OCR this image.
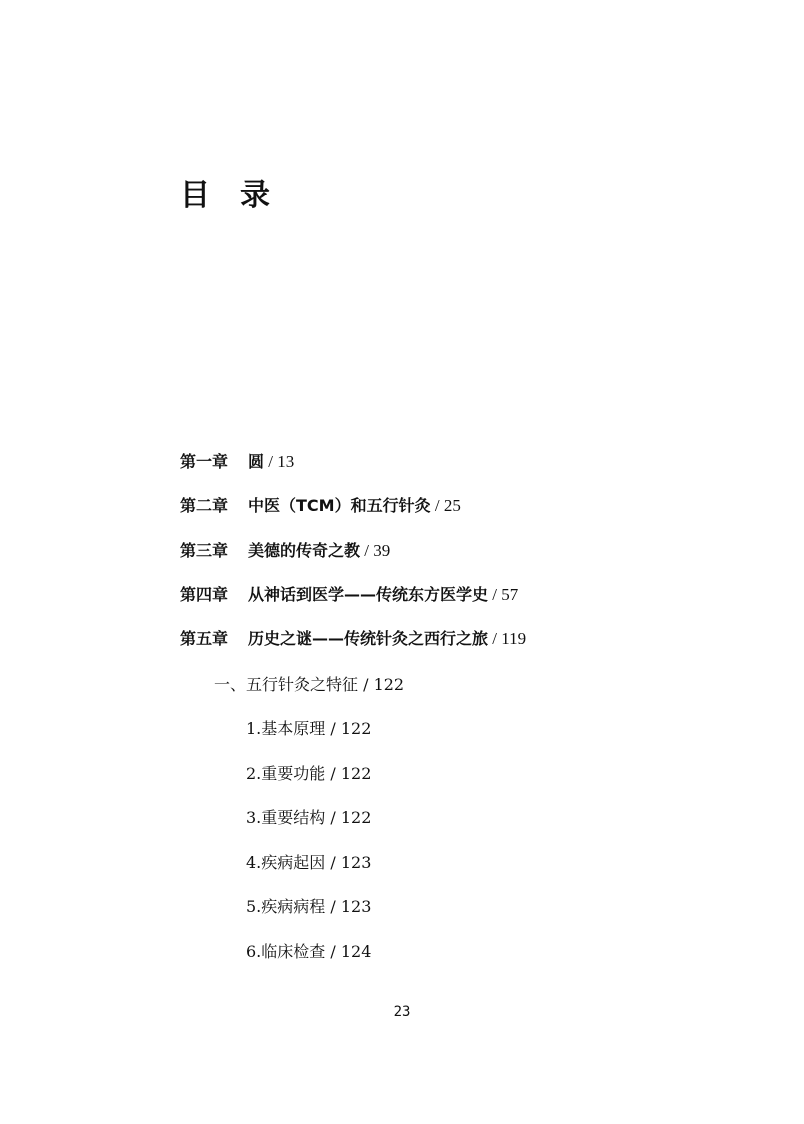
目录
第一章 圆 / 13
第二章 中医（TCM）和五行针灸 / 25
第三章 美德的传奇之教 / 39
第四章 从神话到医学——传统东方医学史 / 57
第五章 历史之谜——传统针灸之西行之旅 / 119
一、五行针灸之特征 / 122
1.基本原理 / 122
2.重要功能 / 122
3.重要结构 / 122
4.疾病起因 / 123
5.疾病病程 / 123
6.临床检查 / 124
23
